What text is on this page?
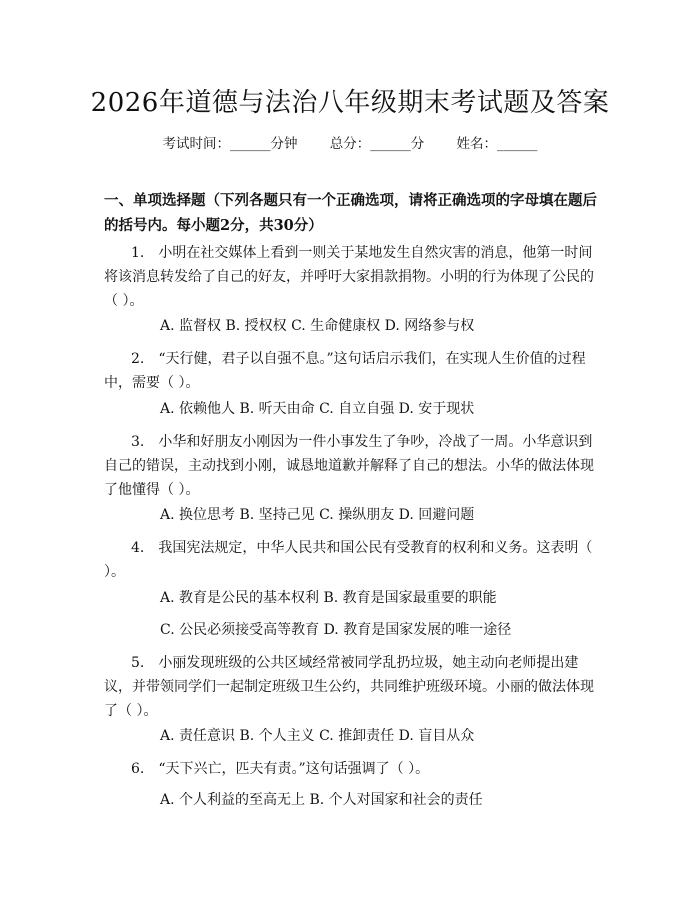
2026年道德与法治八年级期末考试题及答案
考试时间：______分钟 总分：______分 姓名：______
一、单项选择题（下列各题只有一个正确选项，请将正确选项的字母填在题后的括号内。每小题2分，共30分）
1.　小明在社交媒体上看到一则关于某地发生自然灾害的消息，他第一时间将该消息转发给了自己的好友，并呼吁大家捐款捐物。小明的行为体现了公民的（ ）。
A. 监督权 B. 授权权 C. 生命健康权 D. 网络参与权
2.　“天行健，君子以自强不息。”这句话启示我们，在实现人生价值的过程中，需要（ ）。
A. 依赖他人 B. 听天由命 C. 自立自强 D. 安于现状
3.　小华和好朋友小刚因为一件小事发生了争吵，冷战了一周。小华意识到自己的错误，主动找到小刚，诚恳地道歉并解释了自己的想法。小华的做法体现了他懂得（ ）。
A. 换位思考 B. 坚持己见 C. 操纵朋友 D. 回避问题
4.　我国宪法规定，中华人民共和国公民有受教育的权利和义务。这表明（ ）。
A. 教育是公民的基本权利 B. 教育是国家最重要的职能
C. 公民必须接受高等教育 D. 教育是国家发展的唯一途径
5.　小丽发现班级的公共区域经常被同学乱扔垃圾，她主动向老师提出建议，并带领同学们一起制定班级卫生公约，共同维护班级环境。小丽的做法体现了（ ）。
A. 责任意识 B. 个人主义 C. 推卸责任 D. 盲目从众
6.　“天下兴亡，匹夫有责。”这句话强调了（ ）。
A. 个人利益的至高无上 B. 个人对国家和社会的责任
